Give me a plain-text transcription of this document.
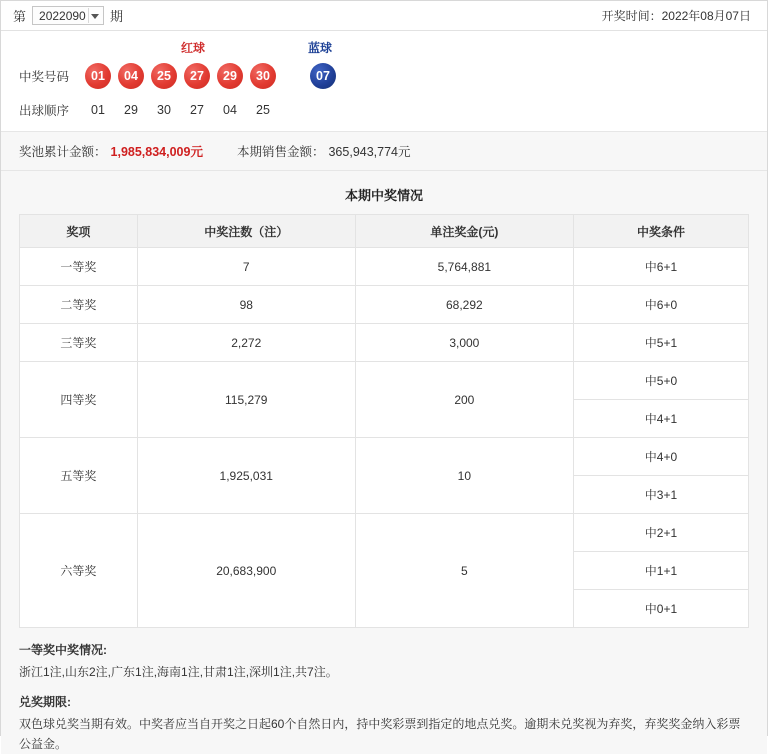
第	2022090	期	开奖时间：2022年08月07日
红球	蓝球
中奖号码	01	04	25	27	29	30	07
出球顺序	01	29	30	27	04	25
奖池累计金额： 1,985,834,009元	本期销售金额： 365,943,774元
本期中奖情况
奖项	中奖注数（注）	单注奖金(元)	中奖条件
一等奖	7	5,764,881	中6+1
二等奖	98	68,292	中6+0
三等奖	2,272	3,000	中5+1
四等奖	115,279	200	中5+0
			中4+1
五等奖	1,925,031	10	中4+0
			中3+1
六等奖	20,683,900	5	中2+1
			中1+1
			中0+1
一等奖中奖情况:
浙江1注,山东2注,广东1注,海南1注,甘肃1注,深圳1注,共7注。
兑奖期限:
双色球兑奖当期有效。中奖者应当自开奖之日起60个自然日内，持中奖彩票到指定的地点兑奖。逾期未兑奖视为弃奖，弃奖奖金纳入彩票公益金。
